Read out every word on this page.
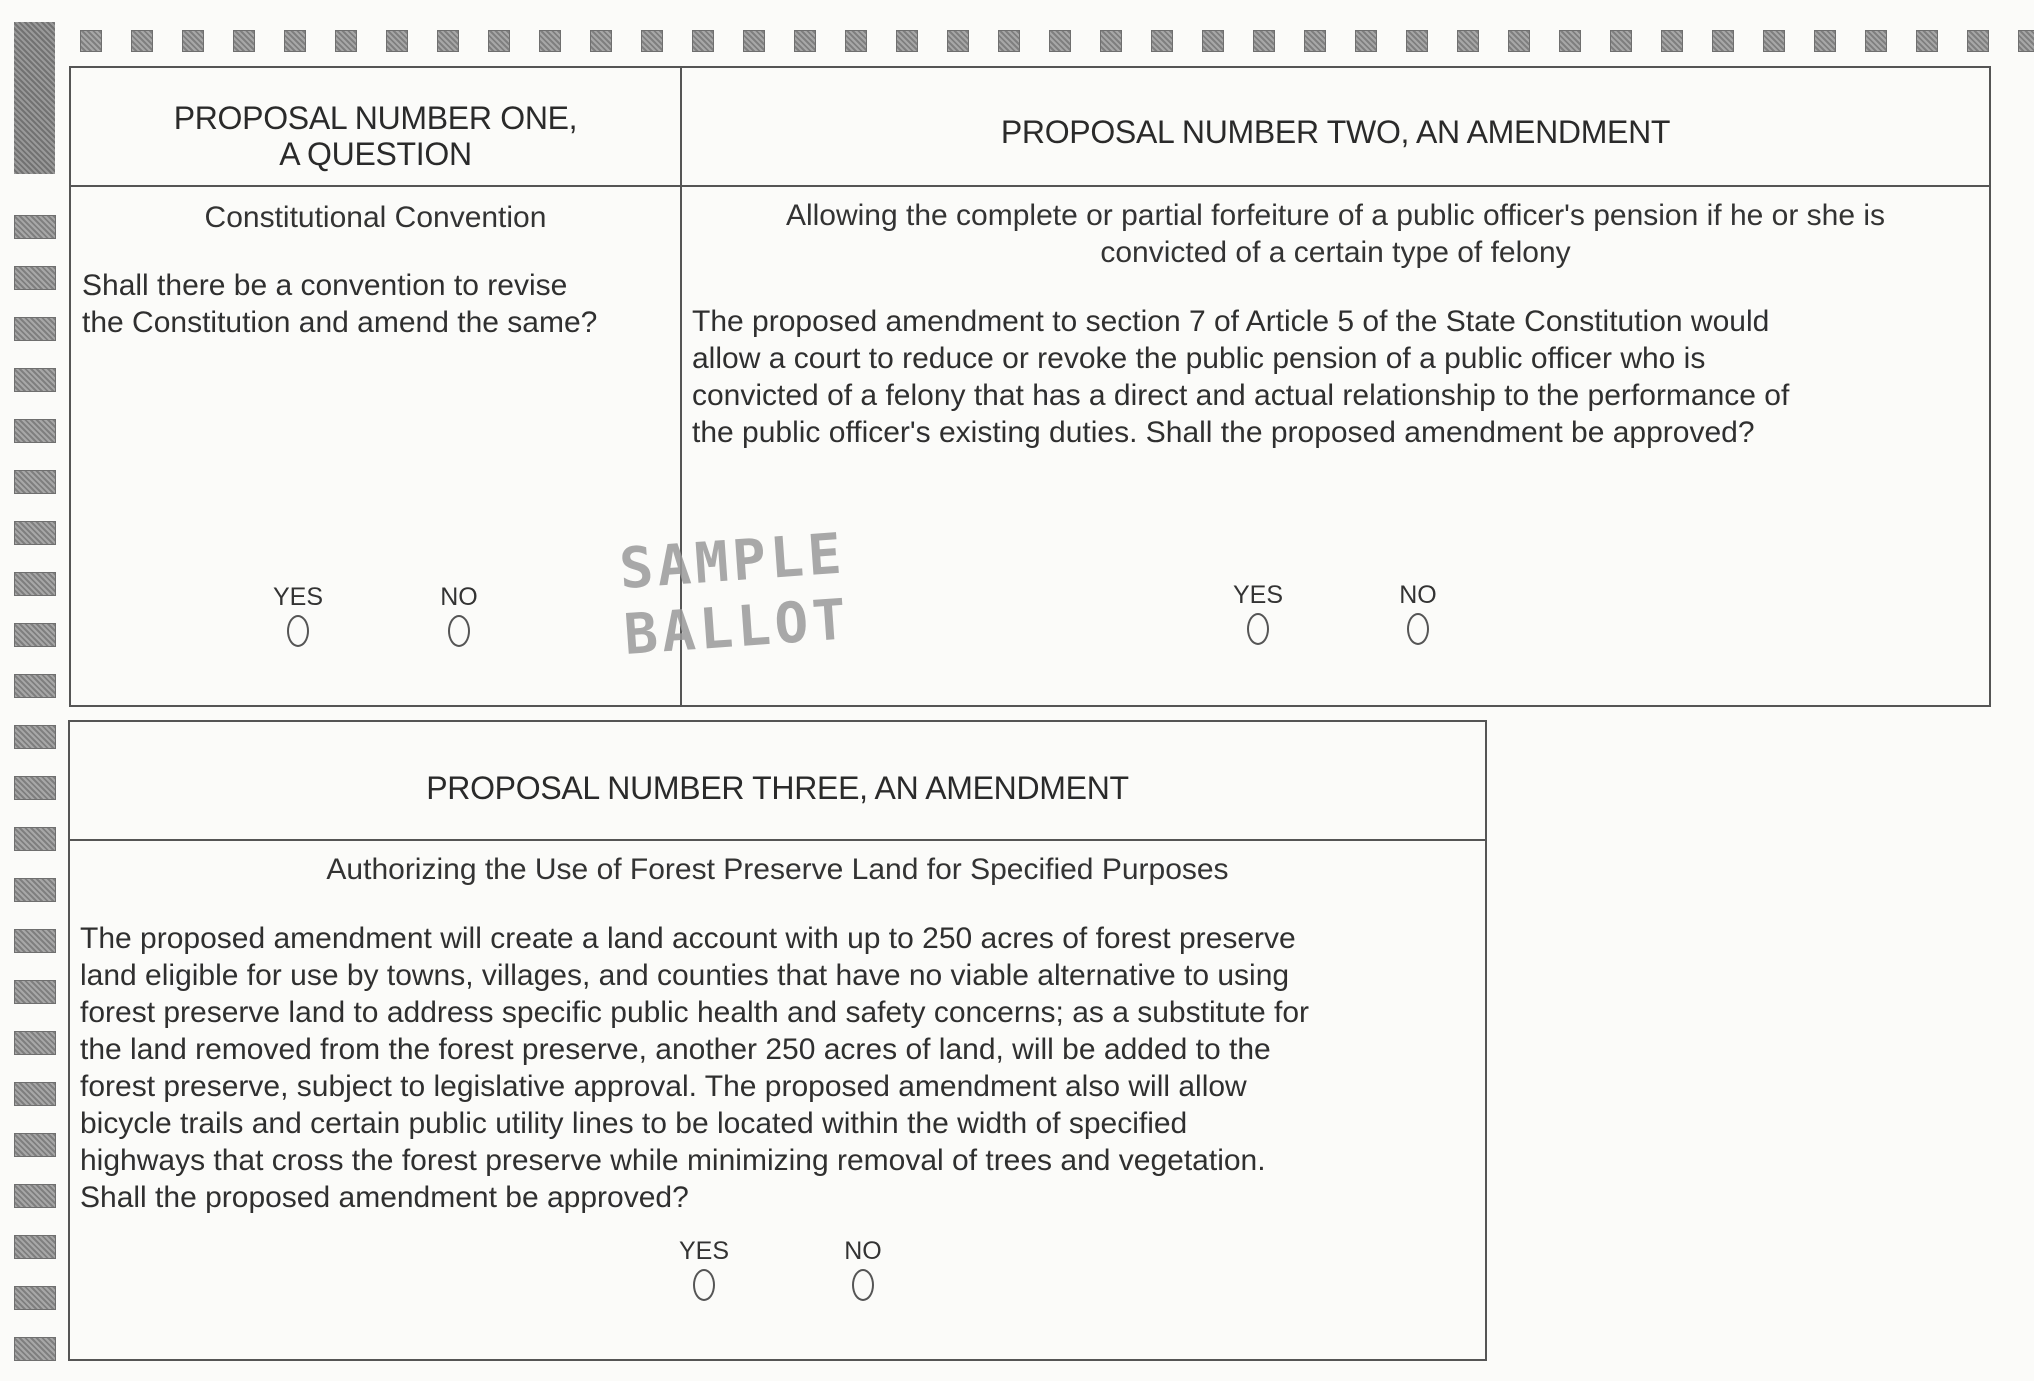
PROPOSAL NUMBER ONE,
A QUESTION
Constitutional Convention

Shall there be a convention to revise

the Constitution and amend the same?

YES	NO
PROPOSAL NUMBER TWO, AN AMENDMENT
Allowing the complete or partial forfeiture of a public officer's pension if he or she is
convicted of a certain type of felony

The proposed amendment to section 7 of Article 5 of the State Constitution would

allow a court to reduce or revoke the public pension of a public officer who is

convicted of a felony that has a direct and actual relationship to the performance of

the public officer's existing duties. Shall the proposed amendment be approved?

YES	NO
SAMPLE
BALLOT
PROPOSAL NUMBER THREE, AN AMENDMENT
Authorizing the Use of Forest Preserve Land for Specified Purposes

The proposed amendment will create a land account with up to 250 acres of forest preserve

land eligible for use by towns, villages, and counties that have no viable alternative to using

forest preserve land to address specific public health and safety concerns; as a substitute for

the land removed from the forest preserve, another 250 acres of land, will be added to the

forest preserve, subject to legislative approval. The proposed amendment also will allow

bicycle trails and certain public utility lines to be located within the width of specified

highways that cross the forest preserve while minimizing removal of trees and vegetation.

Shall the proposed amendment be approved?

YES	NO
